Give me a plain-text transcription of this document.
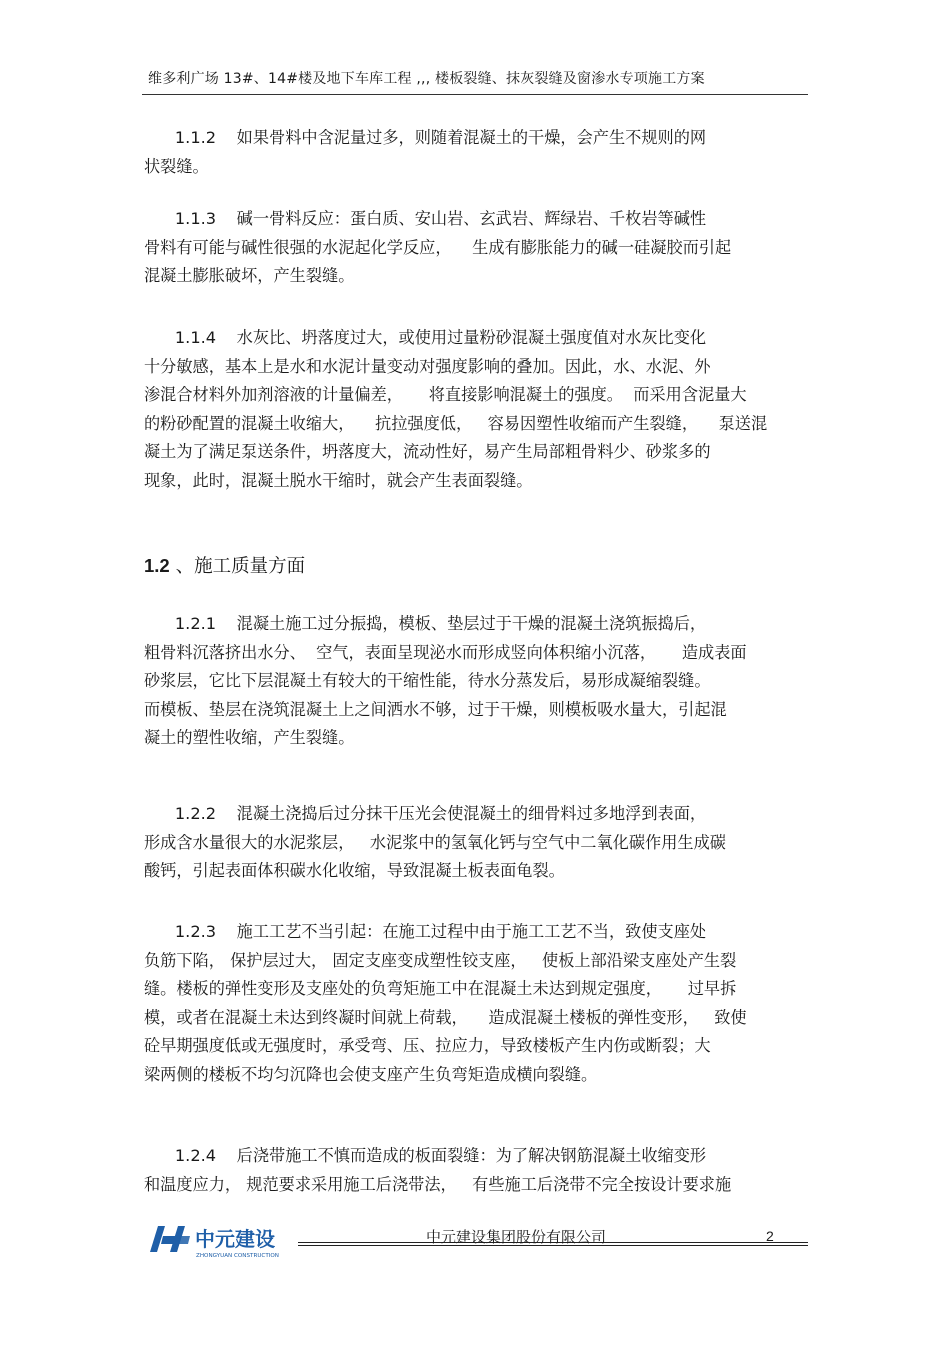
维多利广场 13#、14#楼及地下车库工程 ,,, 楼板裂缝、抹灰裂缝及窗渗水专项施工方案
1.1.2    如果骨料中含泥量过多，则随着混凝土的干燥，会产生不规则的网
状裂缝。
1.1.3    碱一骨料反应：蛋白质、安山岩、玄武岩、辉绿岩、千枚岩等碱性
骨料有可能与碱性很强的水泥起化学反应，    生成有膨胀能力的碱一硅凝胶而引起
混凝土膨胀破坏，产生裂缝。
1.1.4    水灰比、坍落度过大，或使用过量粉砂混凝土强度值对水灰比变化
十分敏感，基本上是水和水泥计量变动对强度影响的叠加。因此，水、水泥、外
渗混合材料外加剂溶液的计量偏差，     将直接影响混凝土的强度。  而采用含泥量大
的粉砂配置的混凝土收缩大，    抗拉强度低，   容易因塑性收缩而产生裂缝，    泵送混
凝土为了满足泵送条件，坍落度大，流动性好，易产生局部粗骨料少、砂浆多的
现象，此时，混凝土脱水干缩时，就会产生表面裂缝。
1.2 、施工质量方面
1.2.1    混凝土施工过分振捣，模板、垫层过于干燥的混凝土浇筑振捣后，
粗骨料沉落挤出水分、  空气，表面呈现泌水而形成竖向体积缩小沉落，     造成表面
砂浆层，它比下层混凝土有较大的干缩性能，待水分蒸发后，易形成凝缩裂缝。
而模板、垫层在浇筑混凝土上之间洒水不够，过于干燥，则模板吸水量大，引起混
凝土的塑性收缩，产生裂缝。
1.2.2    混凝土浇捣后过分抹干压光会使混凝土的细骨料过多地浮到表面，
形成含水量很大的水泥浆层，   水泥浆中的氢氧化钙与空气中二氧化碳作用生成碳
酸钙，引起表面体积碳水化收缩，导致混凝土板表面龟裂。
1.2.3    施工工艺不当引起：在施工过程中由于施工工艺不当，致使支座处
负筋下陷， 保护层过大， 固定支座变成塑性铰支座，   使板上部沿梁支座处产生裂
缝。楼板的弹性变形及支座处的负弯矩施工中在混凝土未达到规定强度，     过早拆
模，或者在混凝土未达到终凝时间就上荷载，    造成混凝土楼板的弹性变形，   致使
砼早期强度低或无强度时，承受弯、压、拉应力，导致楼板产生内伤或断裂；大
梁两侧的楼板不均匀沉降也会使支座产生负弯矩造成横向裂缝。
1.2.4    后浇带施工不慎而造成的板面裂缝：为了解决钢筋混凝土收缩变形
和温度应力， 规范要求采用施工后浇带法，   有些施工后浇带不完全按设计要求施
中元建设
ZHONGYUAN CONSTRUCTION
中元建设集团股份有限公司	2
